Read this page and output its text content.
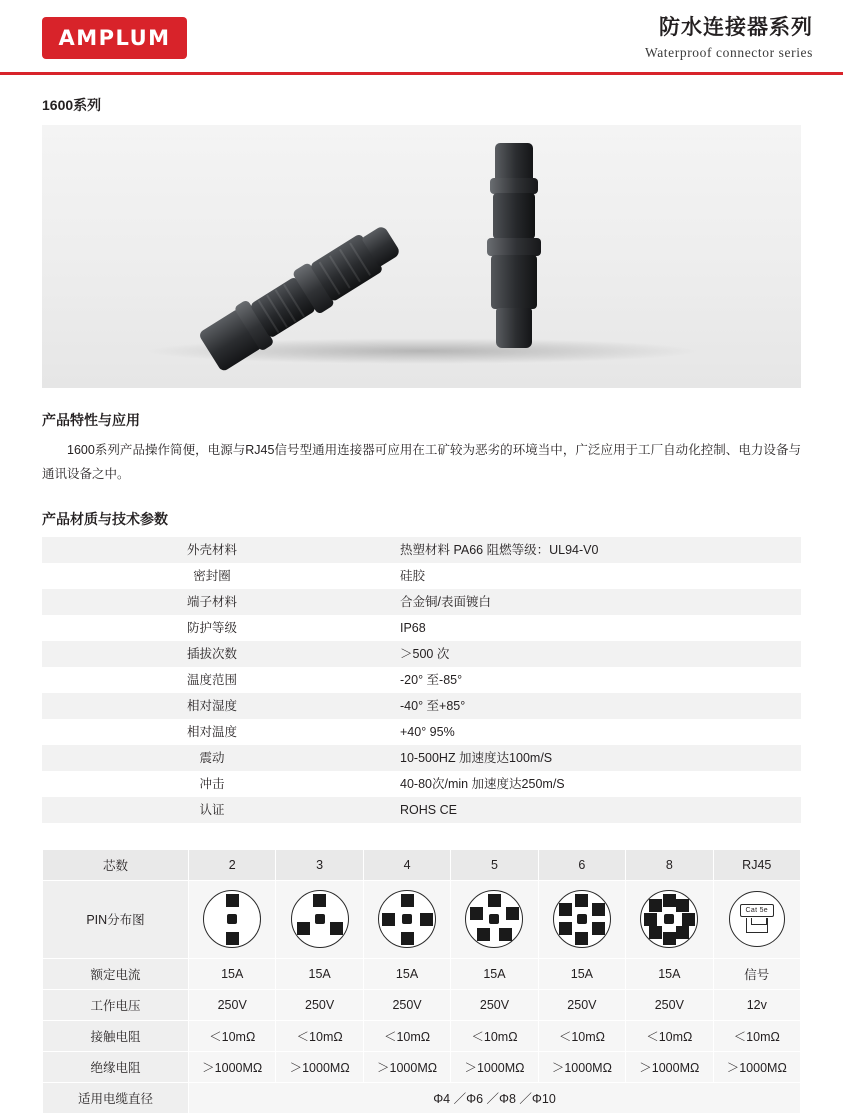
AMPLUM	防水连接器系列
Waterproof connector series
1600系列
产品特性与应用
1600系列产品操作简便，电源与RJ45信号型通用连接器可应用在工矿较为恶劣的环境当中，广泛应用于工厂自动化控制、电力设备与通讯设备之中。
产品材质与技术参数
外壳材料	热塑材料 PA66 阻燃等级：UL94-V0
密封圈	硅胶
端子材料	合金铜/表面镀白
防护等级	IP68
插拔次数	＞500 次
温度范围	-20° 至-85°
相对湿度	-40° 至+85°
相对温度	+40° 95%
震动	10-500HZ 加速度达100m/S
冲击	40-80次/min 加速度达250m/S
认证	ROHS CE
芯数	2	3	4	5	6	8	RJ45
PIN分布图							Cat 5e

额定电流	15A	15A	15A	15A	15A	15A	信号
工作电压	250V	250V	250V	250V	250V	250V	12v
接触电阻	＜10mΩ	＜10mΩ	＜10mΩ	＜10mΩ	＜10mΩ	＜10mΩ	＜10mΩ
绝缘电阻	＞1000MΩ	＞1000MΩ	＞1000MΩ	＞1000MΩ	＞1000MΩ	＞1000MΩ	＞1000MΩ
适用电缆直径	Φ4 ／Φ6 ／Φ8 ／Φ10						
